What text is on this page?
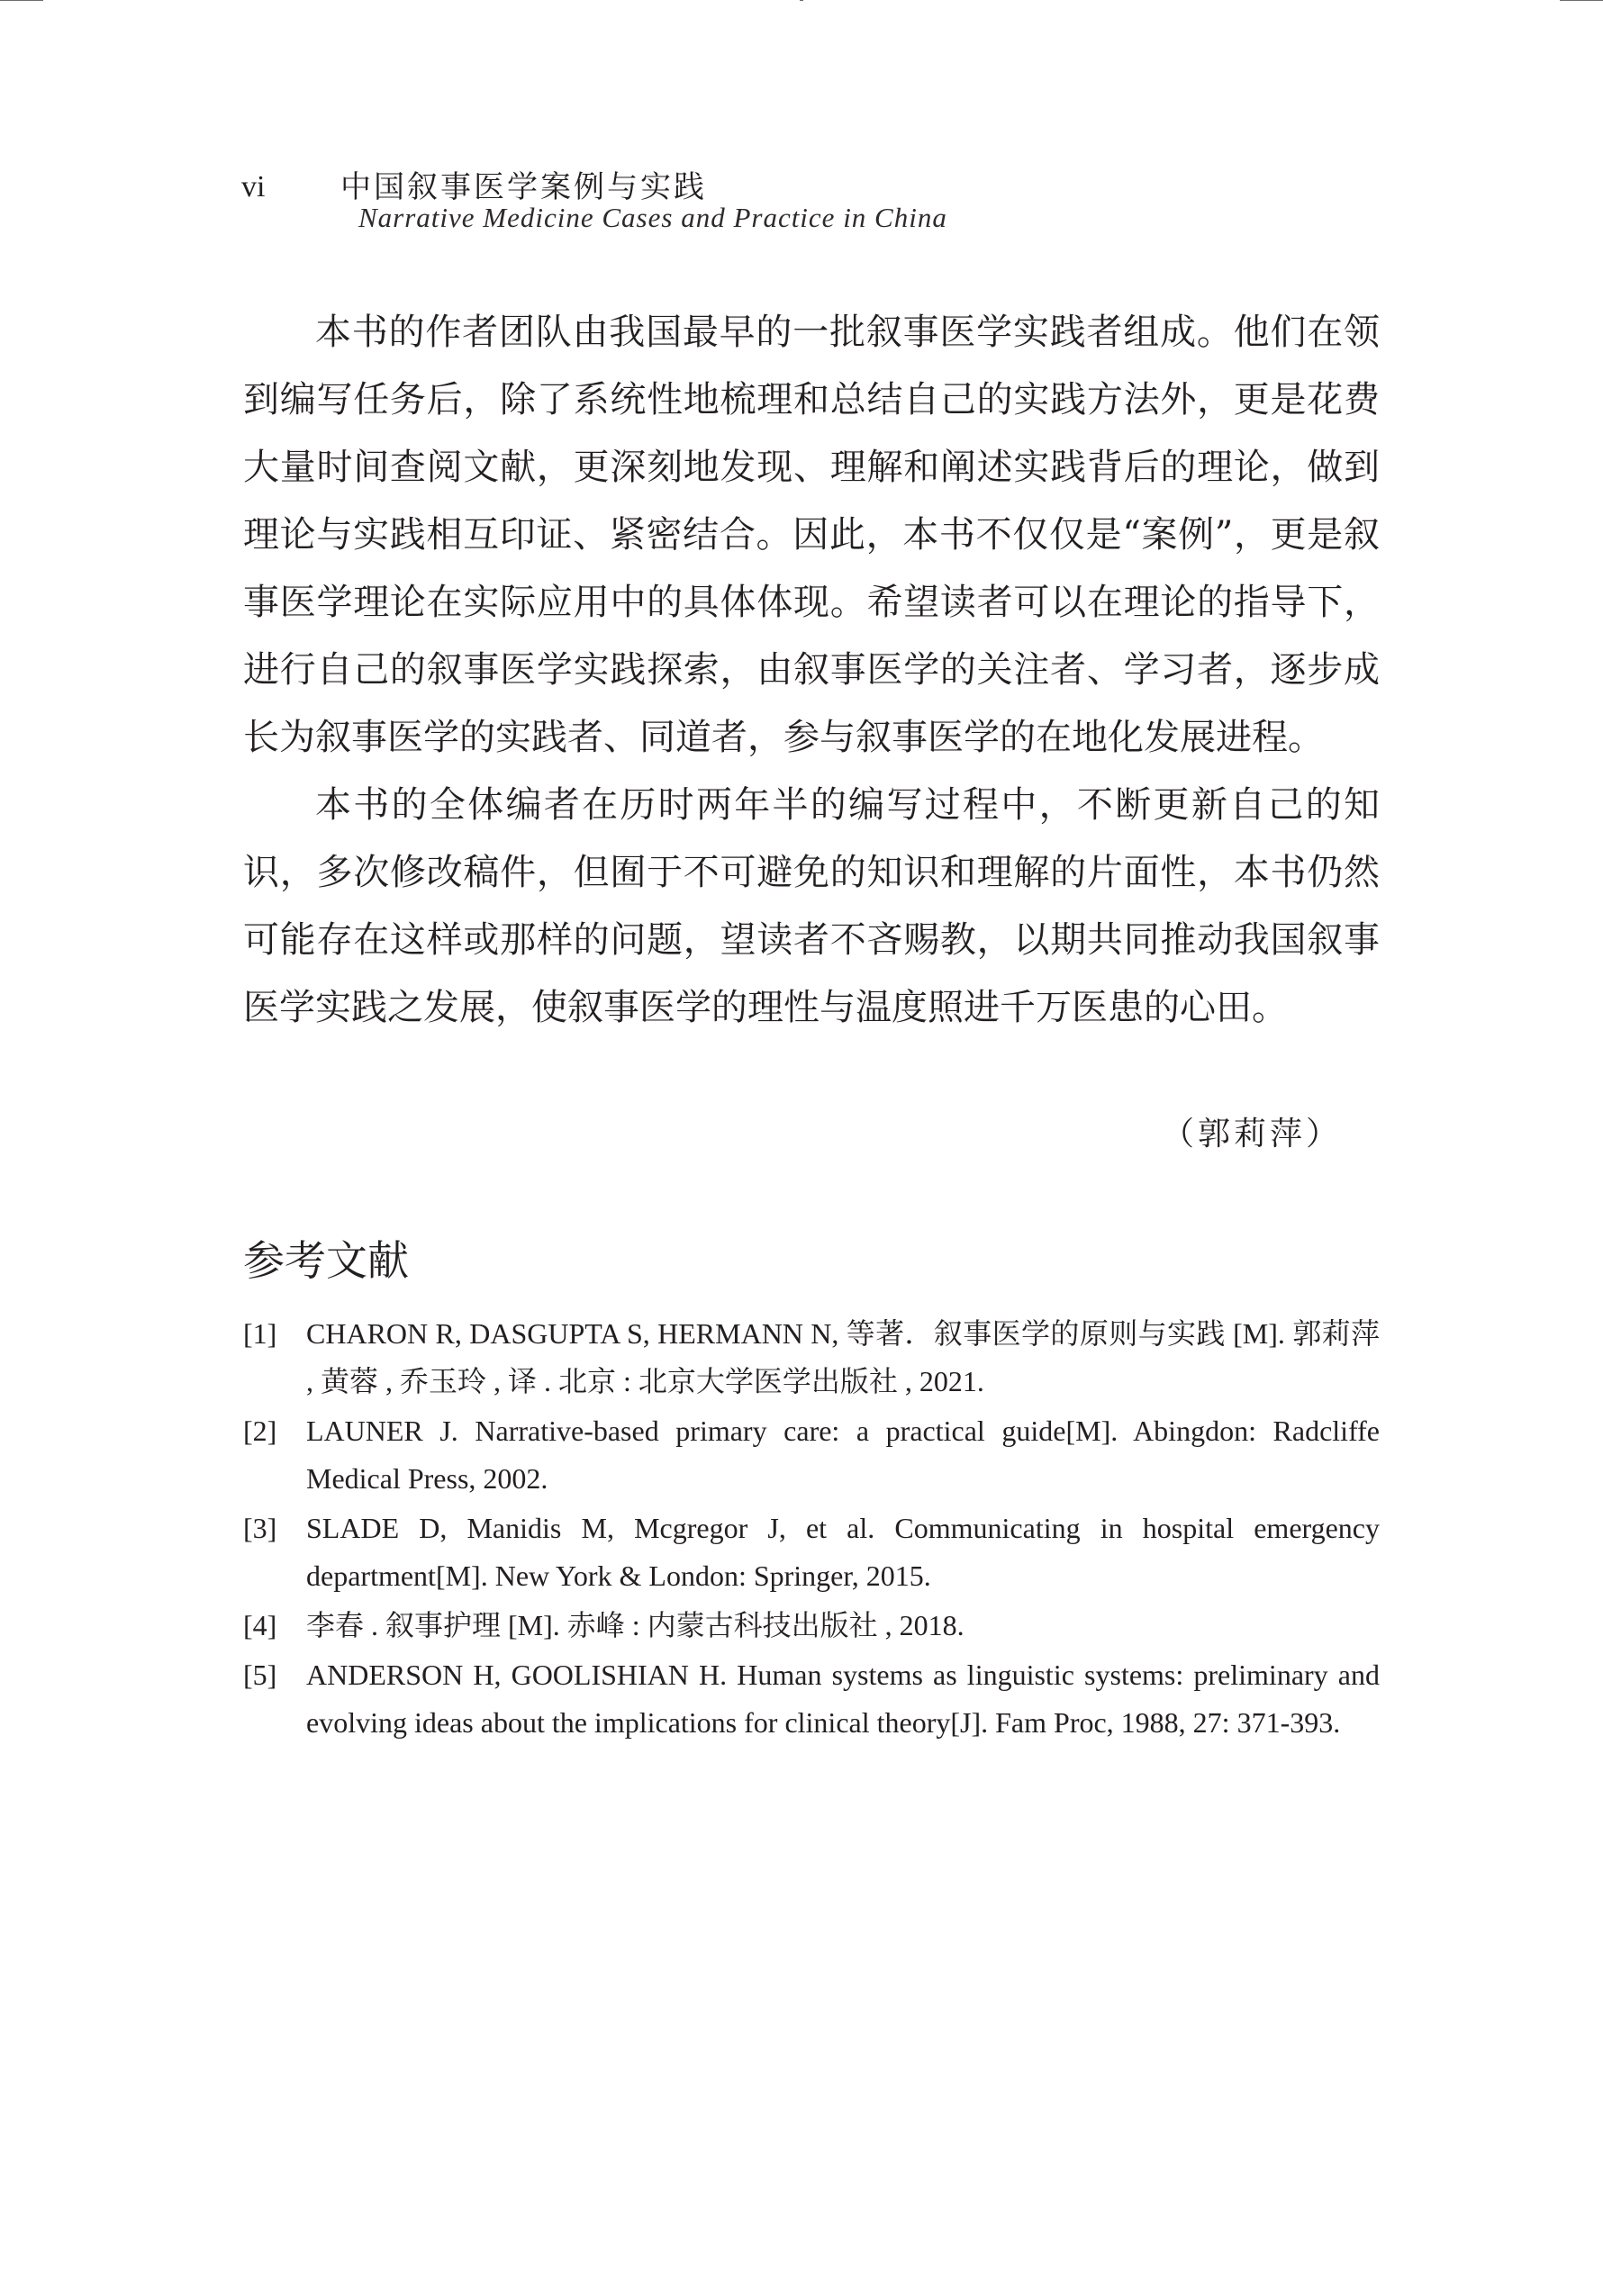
vi 中国叙事医学案例与实践
Narrative Medicine Cases and Practice in China

本书的作者团队由我国最早的一批叙事医学实践者组成。他们在领到编写任务后，除了系统性地梳理和总结自己的实践方法外，更是花费大量时间查阅文献，更深刻地发现、理解和阐述实践背后的理论，做到理论与实践相互印证、紧密结合。因此，本书不仅仅是“案例”，更是叙事医学理论在实际应用中的具体体现。希望读者可以在理论的指导下，进行自己的叙事医学实践探索，由叙事医学的关注者、学习者，逐步成长为叙事医学的实践者、同道者，参与叙事医学的在地化发展进程。

本书的全体编者在历时两年半的编写过程中，不断更新自己的知识，多次修改稿件，但囿于不可避免的知识和理解的片面性，本书仍然可能存在这样或那样的问题，望读者不吝赐教，以期共同推动我国叙事医学实践之发展，使叙事医学的理性与温度照进千万医患的心田。

（郭莉萍）
参考文献
[1] CHARON R, DASGUPTA S, HERMANN N, 等著．叙事医学的原则与实践 [M]. 郭莉萍 , 黄蓉 , 乔玉玲 , 译 . 北京 : 北京大学医学出版社 , 2021.
[2] LAUNER J. Narrative-based primary care: a practical guide[M]. Abingdon: Radcliffe Medical Press, 2002.
[3] SLADE D, Manidis M, Mcgregor J, et al. Communicating in hospital emergency department[M]. New York & London: Springer, 2015.
[4] 李春 . 叙事护理 [M]. 赤峰 : 内蒙古科技出版社 , 2018.
[5] ANDERSON H, GOOLISHIAN H. Human systems as linguistic systems: preliminary and evolving ideas about the implications for clinical theory[J]. Fam Proc, 1988, 27: 371-393.
